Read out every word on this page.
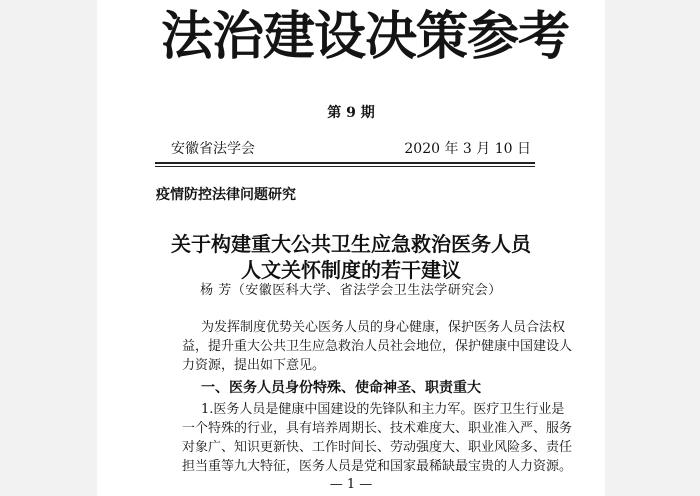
法治建设决策参考
第 9 期
安徽省法学会	2020 年 3 月 10 日
疫情防控法律问题研究
关于构建重大公共卫生应急救治医务人员
人文关怀制度的若干建议
杨 芳（安徽医科大学、省法学会卫生法学研究会）
为发挥制度优势关心医务人员的身心健康，保护医务人员合法权
益，提升重大公共卫生应急救治人员社会地位，保护健康中国建设人
力资源，提出如下意见。
一、医务人员身份特殊、使命神圣、职责重大
1.医务人员是健康中国建设的先锋队和主力军。医疗卫生行业是
一个特殊的行业，具有培养周期长、技术难度大、职业准入严、服务
对象广、知识更新快、工作时间长、劳动强度大、职业风险多、责任
担当重等九大特征，医务人员是党和国家最稀缺最宝贵的人力资源。
— 1 —
